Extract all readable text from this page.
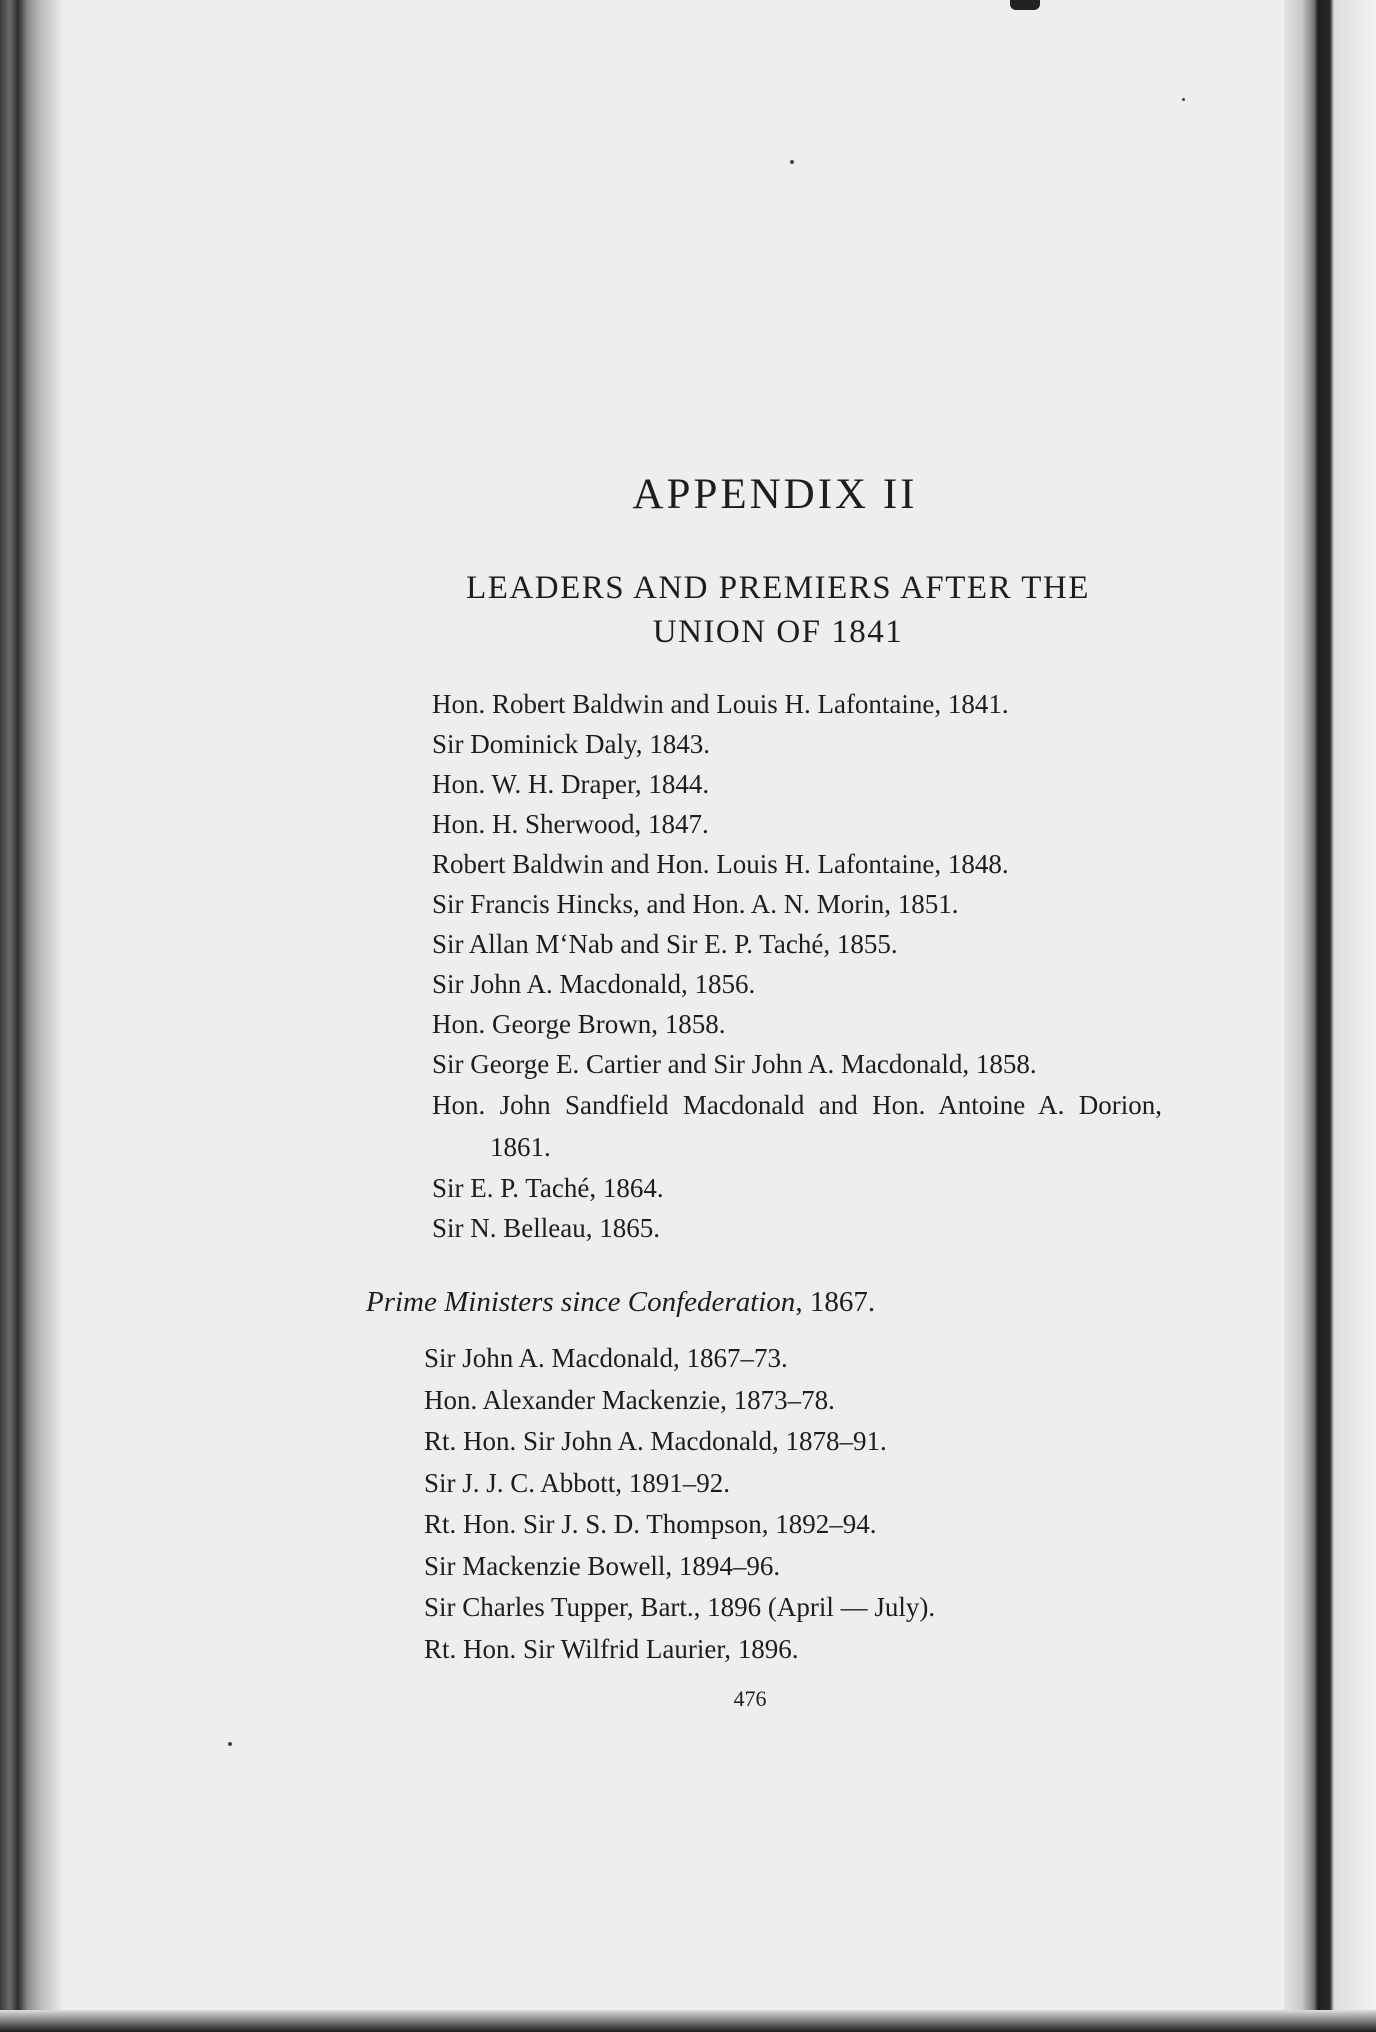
APPENDIX II
LEADERS AND PREMIERS AFTER THE
UNION OF 1841
Hon. Robert Baldwin and Louis H. Lafontaine, 1841.
Sir Dominick Daly, 1843.
Hon. W. H. Draper, 1844.
Hon. H. Sherwood, 1847.
Robert Baldwin and Hon. Louis H. Lafontaine, 1848.
Sir Francis Hincks, and Hon. A. N. Morin, 1851.
Sir Allan M‘Nab and Sir E. P. Taché, 1855.
Sir John A. Macdonald, 1856.
Hon. George Brown, 1858.
Sir George E. Cartier and Sir John A. Macdonald, 1858.
Hon. John Sandfield Macdonald and Hon. Antoine A. Dorion, 1861.
Sir E. P. Taché, 1864.
Sir N. Belleau, 1865.
Prime Ministers since Confederation, 1867.
Sir John A. Macdonald, 1867–73.
Hon. Alexander Mackenzie, 1873–78.
Rt. Hon. Sir John A. Macdonald, 1878–91.
Sir J. J. C. Abbott, 1891–92.
Rt. Hon. Sir J. S. D. Thompson, 1892–94.
Sir Mackenzie Bowell, 1894–96.
Sir Charles Tupper, Bart., 1896 (April — July).
Rt. Hon. Sir Wilfrid Laurier, 1896.
476
